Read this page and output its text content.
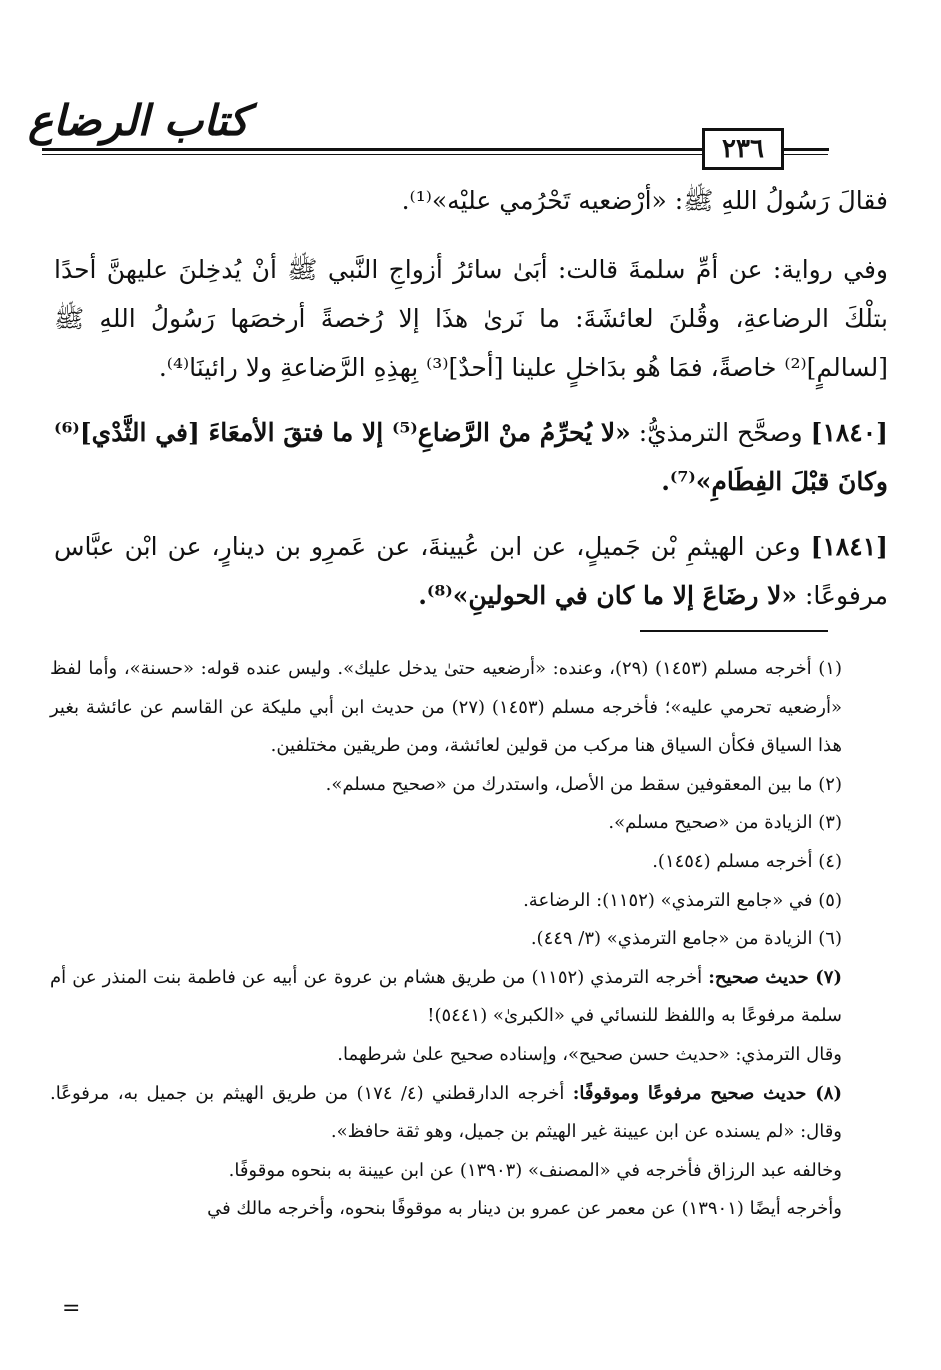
كتاب الرضاع
٢٣٦

فقالَ رَسُولُ اللهِ ﷺ: «أرْضعيه تَحْرُمي عليْه»⁽¹⁾.

وفي رواية: عن أمِّ سلمةَ قالت: أبَىٰ سائرُ أزواجِ النَّبي ﷺ أنْ يُدخِلنَ عليهنَّ أحدًا بتلْكَ الرضاعةِ، وقُلنَ لعائشَةَ: ما نَرىٰ هذَا إلا رُخصةً أرخصَها رَسُولُ اللهِ ﷺ [لسالمٍ]⁽²⁾ خاصةً، فمَا هُو بدَاخلٍ علينا [أحدٌ]⁽³⁾ بِهذِهِ الرَّضاعةِ ولا رائينَا⁽⁴⁾.

[١٨٤٠] وصحَّح الترمذيُّ: «لا يُحرِّمُ منْ الرَّضاعِ⁽⁵⁾ إلا ما فتقَ الأمعَاءَ [في الثَّدْي]⁽⁶⁾ وكانَ قبْلَ الفِطَامِ»⁽⁷⁾.

[١٨٤١] وعن الهيثمِ بْن جَميلٍ، عن ابن عُيينةَ، عن عَمرِو بن دينارٍ، عن ابْن عبَّاس مرفوعًا: «لا رضَاعَ إلا ما كان في الحولينِ»⁽⁸⁾.

(١) أخرجه مسلم (١٤٥٣) (٢٩)، وعنده: «أرضعيه حتىٰ يدخل عليك». وليس عنده قوله: «حسنة»، وأما لفظ «أرضعيه تحرمي عليه»؛ فأخرجه مسلم (١٤٥٣) (٢٧) من حديث ابن أبي مليكة عن القاسم عن عائشة بغير هذا السياق فكأن السياق هنا مركب من قولين لعائشة، ومن طريقين مختلفين.

(٢) ما بين المعقوفين سقط من الأصل، واستدرك من «صحيح مسلم».

(٣) الزيادة من «صحيح مسلم».

(٤) أخرجه مسلم (١٤٥٤).

(٥) في «جامع الترمذي» (١١٥٢): الرضاعة.

(٦) الزيادة من «جامع الترمذي» (٣/ ٤٤٩).

(٧) حديث صحيح: أخرجه الترمذي (١١٥٢) من طريق هشام بن عروة عن أبيه عن فاطمة بنت المنذر عن أم سلمة مرفوعًا به واللفظ للنسائي في «الكبرىٰ» (٥٤٤١)!

وقال الترمذي: «حديث حسن صحيح»، وإسناده صحيح علىٰ شرطهما.

(٨) حديث صحيح مرفوعًا وموقوفًا: أخرجه الدارقطني (٤/ ١٧٤) من طريق الهيثم بن جميل به، مرفوعًا. وقال: «لم يسنده عن ابن عيينة غير الهيثم بن جميل، وهو ثقة حافظ».

وخالفه عبد الرزاق فأخرجه في «المصنف» (١٣٩٠٣) عن ابن عيينة به بنحوه موقوفًا.

وأخرجه أيضًا (١٣٩٠١) عن معمر عن عمرو بن دينار به موقوفًا بنحوه، وأخرجه مالك في

=
